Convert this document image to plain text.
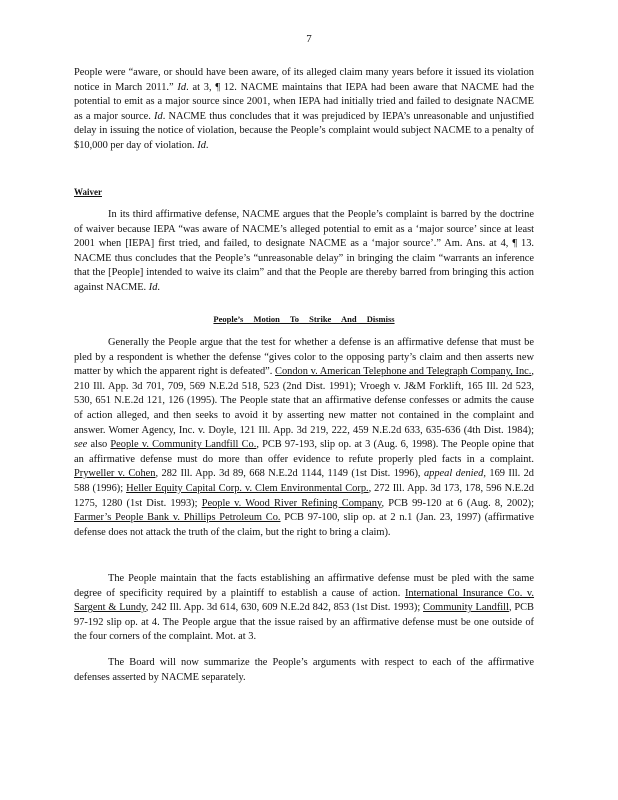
7

People were “aware, or should have been aware, of its alleged claim many years before it issued its violation notice in March 2011.” Id. at 3, ¶ 12. NACME maintains that IEPA had been aware that NACME had the potential to emit as a major source since 2001, when IEPA had initially tried and failed to designate NACME as a major source. Id. NACME thus concludes that it was prejudiced by IEPA’s unreasonable and unjustified delay in issuing the notice of violation, because the People’s complaint would subject NACME to a penalty of $10,000 per day of violation. Id.

Waiver

In its third affirmative defense, NACME argues that the People’s complaint is barred by the doctrine of waiver because IEPA “was aware of NACME’s alleged potential to emit as a ‘major source’ since at least 2001 when [IEPA] first tried, and failed, to designate NACME as a ‘major source’.” Am. Ans. at 4, ¶ 13. NACME thus concludes that the People’s “unreasonable delay” in bringing the claim “warrants an inference that the [People] intended to waive its claim” and that the People are thereby barred from bringing this action against NACME. Id.

People’s Motion To Strike And Dismiss

Generally the People argue that the test for whether a defense is an affirmative defense that must be pled by a respondent is whether the defense “gives color to the opposing party’s claim and then asserts new matter by which the apparent right is defeated”. Condon v. American Telephone and Telegraph Company, Inc., 210 Ill. App. 3d 701, 709, 569 N.E.2d 518, 523 (2nd Dist. 1991); Vroegh v. J&M Forklift, 165 Ill. 2d 523, 530, 651 N.E.2d 121, 126 (1995). The People state that an affirmative defense confesses or admits the cause of action alleged, and then seeks to avoid it by asserting new matter not contained in the complaint and answer. Womer Agency, Inc. v. Doyle, 121 Ill. App. 3d 219, 222, 459 N.E.2d 633, 635-636 (4th Dist. 1984); see also People v. Community Landfill Co., PCB 97-193, slip op. at 3 (Aug. 6, 1998). The People opine that an affirmative defense must do more than offer evidence to refute properly pled facts in a complaint. Pryweller v. Cohen, 282 Ill. App. 3d 89, 668 N.E.2d 1144, 1149 (1st Dist. 1996), appeal denied, 169 Ill. 2d 588 (1996); Heller Equity Capital Corp. v. Clem Environmental Corp., 272 Ill. App. 3d 173, 178, 596 N.E.2d 1275, 1280 (1st Dist. 1993); People v. Wood River Refining Company, PCB 99-120 at 6 (Aug. 8, 2002); Farmer’s People Bank v. Phillips Petroleum Co. PCB 97-100, slip op. at 2 n.1 (Jan. 23, 1997) (affirmative defense does not attack the truth of the claim, but the right to bring a claim).

The People maintain that the facts establishing an affirmative defense must be pled with the same degree of specificity required by a plaintiff to establish a cause of action. International Insurance Co. v. Sargent & Lundy, 242 Ill. App. 3d 614, 630, 609 N.E.2d 842, 853 (1st Dist. 1993); Community Landfill, PCB 97-192 slip op. at 4. The People argue that the issue raised by an affirmative defense must be one outside of the four corners of the complaint. Mot. at 3.

The Board will now summarize the People’s arguments with respect to each of the affirmative defenses asserted by NACME separately.
